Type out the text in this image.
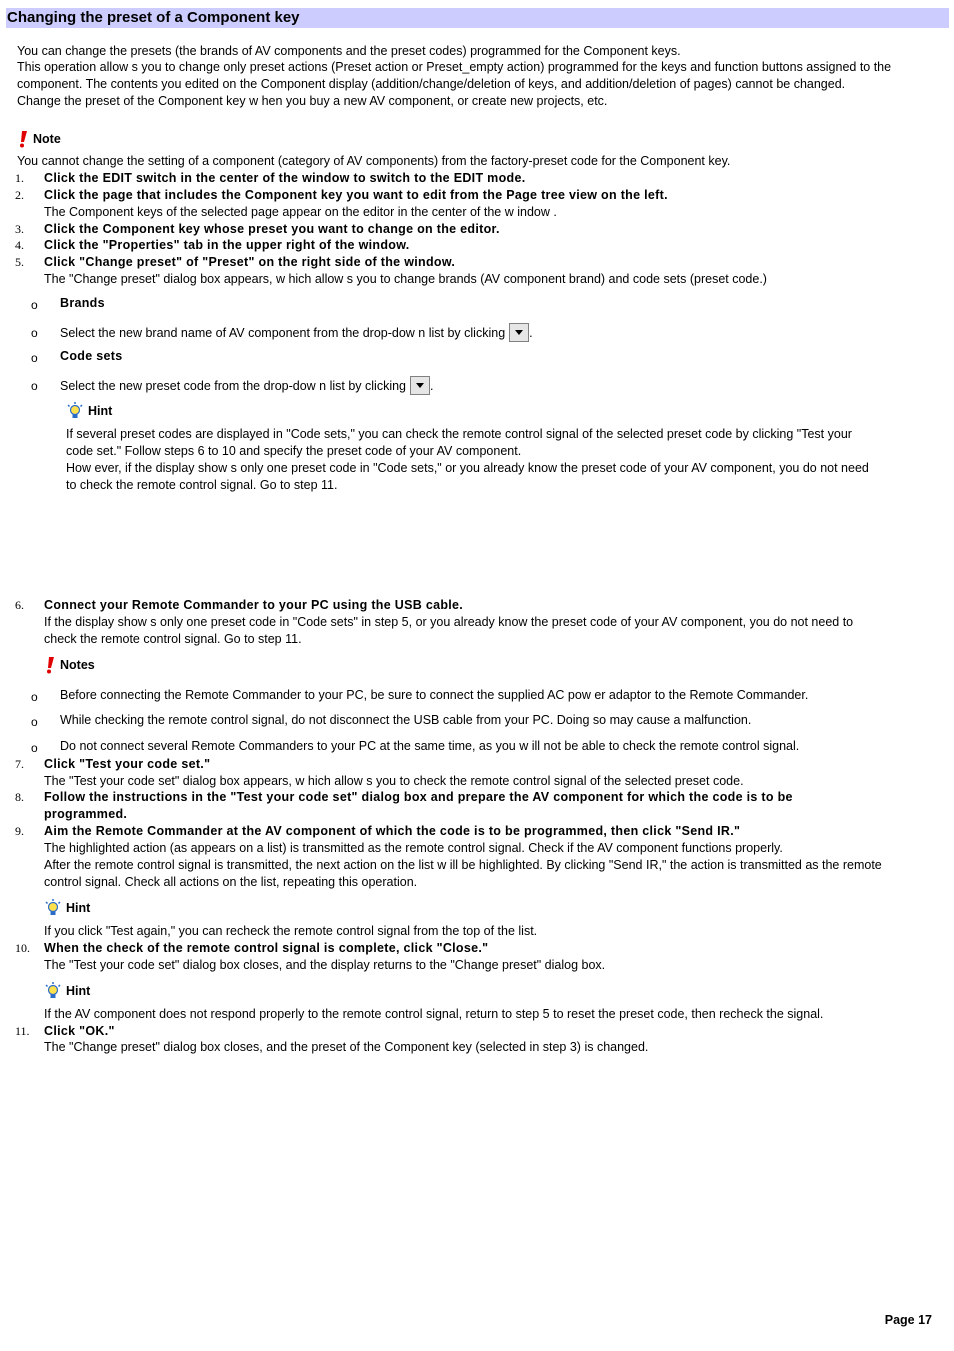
Changing the preset of a Component key
You can change the presets (the brands of AV components and the preset codes) programmed for the Component keys.
This operation allow s you to change only preset actions (Preset action or Preset_empty action) programmed for the keys and function buttons assigned to the
component. The contents you edited on the Component display (addition/change/deletion of keys, and addition/deletion of pages) cannot be changed.
Change the preset of the Component key w hen you buy a new AV component, or create new projects, etc.
Note
You cannot change the setting of a component (category of AV components) from the factory-preset code for the Component key.
1.	Click the EDIT switch in the center of the window to switch to the EDIT mode.
2.	Click the page that includes the Component key you want to edit from the Page tree view on the left.
The Component keys of the selected page appear on the editor in the center of the w indow .
3.	Click the Component key whose preset you want to change on the editor.
4.	Click the "Properties" tab in the upper right of the window.
5.	Click "Change preset" of "Preset" on the right side of the window.
The "Change preset" dialog box appears, w hich allow s you to change brands (AV component brand) and code sets (preset code.)
o	Brands
o	Select the new brand name of AV component from the drop-dow n list by clicking .
o	Code sets
o	Select the new preset code from the drop-dow n list by clicking .
Hint
If several preset codes are displayed in "Code sets," you can check the remote control signal of the selected preset code by clicking "Test your
code set." Follow steps 6 to 10 and specify the preset code of your AV component.
How ever, if the display show s only one preset code in "Code sets," or you already know the preset code of your AV component, you do not need
to check the remote control signal. Go to step 11.
6.	Connect your Remote Commander to your PC using the USB cable.
If the display show s only one preset code in "Code sets" in step 5, or you already know the preset code of your AV component, you do not need to
check the remote control signal. Go to step 11.
Notes
o	Before connecting the Remote Commander to your PC, be sure to connect the supplied AC pow er adaptor to the Remote Commander.
o	While checking the remote control signal, do not disconnect the USB cable from your PC. Doing so may cause a malfunction.
o	Do not connect several Remote Commanders to your PC at the same time, as you w ill not be able to check the remote control signal.
7.	Click "Test your code set."
The "Test your code set" dialog box appears, w hich allow s you to check the remote control signal of the selected preset code.
8.	Follow the instructions in the "Test your code set" dialog box and prepare the AV component for which the code is to be
programmed.
9.	Aim the Remote Commander at the AV component of which the code is to be programmed, then click "Send IR."
The highlighted action (as appears on a list) is transmitted as the remote control signal. Check if the AV component functions properly.
After the remote control signal is transmitted, the next action on the list w ill be highlighted. By clicking "Send IR," the action is transmitted as the remote
control signal. Check all actions on the list, repeating this operation.
Hint
If you click "Test again," you can recheck the remote control signal from the top of the list.
10.	When the check of the remote control signal is complete, click "Close."
The "Test your code set" dialog box closes, and the display returns to the "Change preset" dialog box.
Hint
If the AV component does not respond properly to the remote control signal, return to step 5 to reset the preset code, then recheck the signal.
11.	Click "OK."
The "Change preset" dialog box closes, and the preset of the Component key (selected in step 3) is changed.
Page 17
